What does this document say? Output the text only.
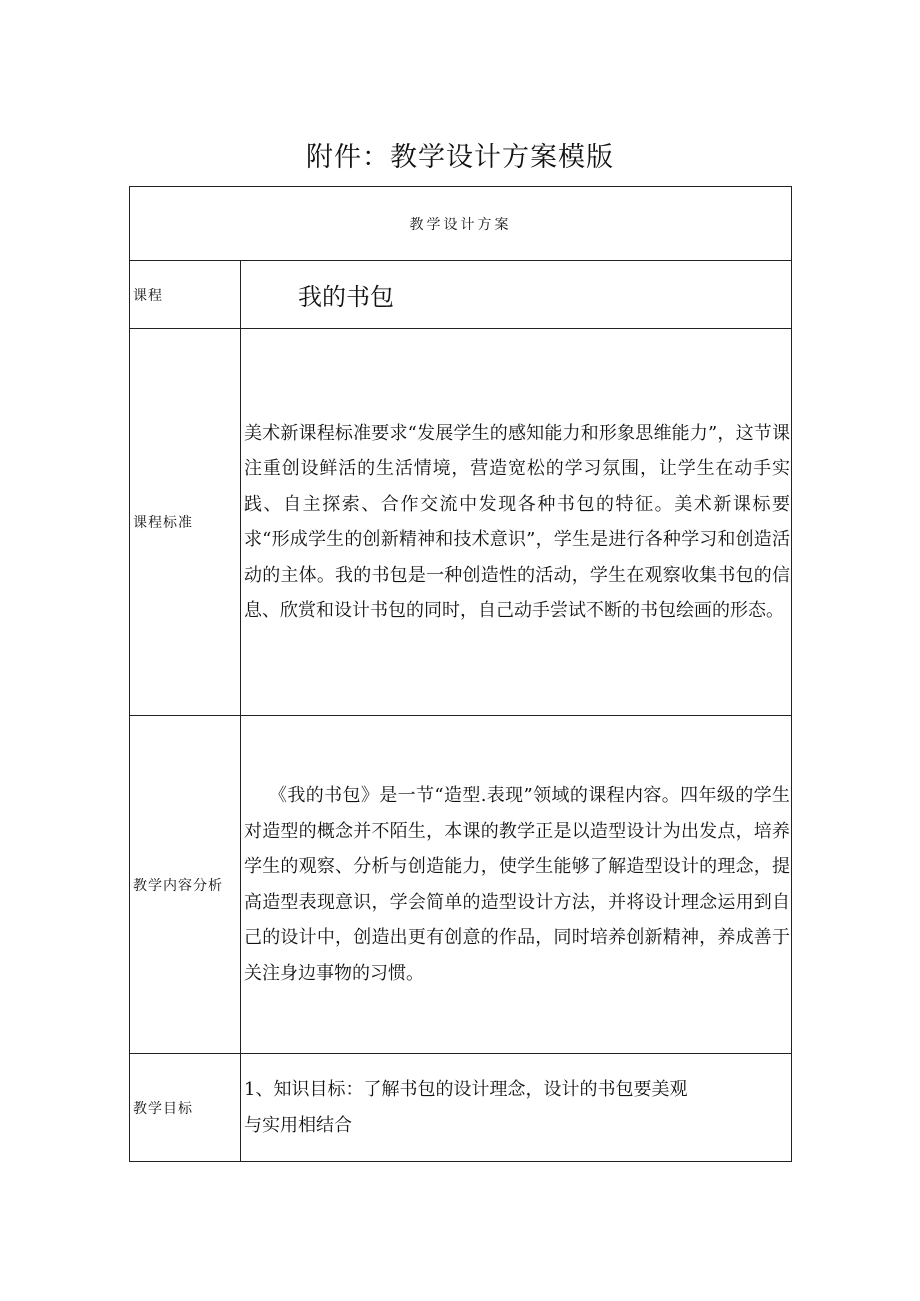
附件：教学设计方案模版
教学设计方案	
课程	我的书包
课程标准	美术新课程标准要求“发展学生的感知能力和形象思维能力”，这节课注重创设鲜活的生活情境，营造宽松的学习氛围，让学生在动手实践、自主探索、合作交流中发现各种书包的特征。美术新课标要求“形成学生的创新精神和技术意识”，学生是进行各种学习和创造活动的主体。我的书包是一种创造性的活动，学生在观察收集书包的信息、欣赏和设计书包的同时，自己动手尝试不断的书包绘画的形态。

教学内容分析	《我的书包》是一节“造型.表现”领域的课程内容。四年级的学生对造型的概念并不陌生，本课的教学正是以造型设计为出发点，培养学生的观察、分析与创造能力，使学生能够了解造型设计的理念，提高造型表现意识，学会简单的造型设计方法，并将设计理念运用到自己的设计中，创造出更有创意的作品，同时培养创新精神，养成善于关注身边事物的习惯。

教学目标	1、知识目标：了解书包的设计理念，设计的书包要美观

与实用相结合
